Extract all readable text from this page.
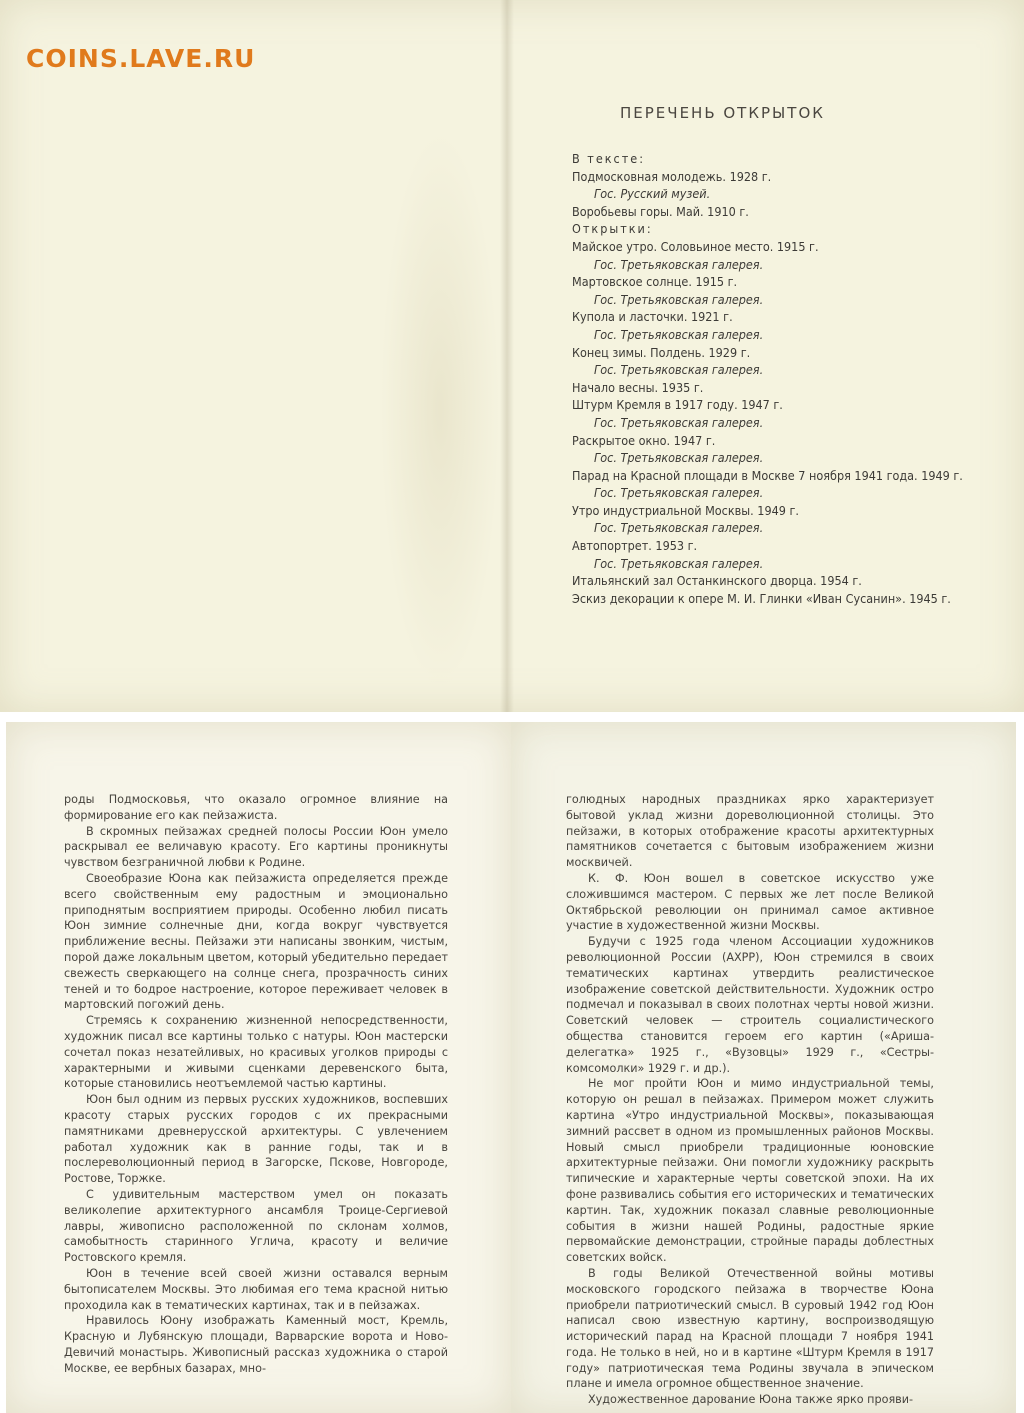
COINS.LAVE.RU
ПЕРЕЧЕНЬ ОТКРЫТОК
В тексте:
Подмосковная молодежь. 1928 г.
Гос. Русский музей.
Воробьевы горы. Май. 1910 г.
Открытки:
Майское утро. Соловьиное место. 1915 г.
Гос. Третьяковская галерея.
Мартовское солнце. 1915 г.
Гос. Третьяковская галерея.
Купола и ласточки. 1921 г.
Гос. Третьяковская галерея.
Конец зимы. Полдень. 1929 г.
Гос. Третьяковская галерея.
Начало весны. 1935 г.
Штурм Кремля в 1917 году. 1947 г.
Гос. Третьяковская галерея.
Раскрытое окно. 1947 г.
Гос. Третьяковская галерея.
Парад на Красной площади в Москве 7 ноября 1941 года. 1949 г.
Гос. Третьяковская галерея.
Утро индустриальной Москвы. 1949 г.
Гос. Третьяковская галерея.
Автопортрет. 1953 г.
Гос. Третьяковская галерея.
Итальянский зал Останкинского дворца. 1954 г.
Эскиз декорации к опере М. И. Глинки «Иван Сусанин». 1945 г.

роды Подмосковья, что оказало огромное влияние на формирование его как пейзажиста.

В скромных пейзажах средней полосы России Юон умело раскрывал ее величавую красоту. Его картины проникнуты чувством безграничной любви к Родине.

Своеобразие Юона как пейзажиста определяется прежде всего свойственным ему радостным и эмоционально приподнятым восприятием природы. Особенно любил писать Юон зимние солнечные дни, когда вокруг чувствуется приближение весны. Пейзажи эти написаны звонким, чистым, порой даже локальным цветом, который убедительно передает свежесть сверкающего на солнце снега, прозрачность синих теней и то бодрое настроение, которое переживает человек в мартовский погожий день.

Стремясь к сохранению жизненной непосредственности, художник писал все картины только с натуры. Юон мастерски сочетал показ незатейливых, но красивых уголков природы с характерными и живыми сценками деревенского быта, которые становились неотъемлемой частью картины.

Юон был одним из первых русских художников, воспевших красоту старых русских городов с их прекрасными памятниками древнерусской архитектуры. С увлечением работал художник как в ранние годы, так и в послереволюционный период в Загорске, Пскове, Новгороде, Ростове, Торжке.

С удивительным мастерством умел он показать великолепие архитектурного ансамбля Троице-Сергиевой лавры, живописно расположенной по склонам холмов, самобытность старинного Углича, красоту и величие Ростовского кремля.

Юон в течение всей своей жизни оставался верным бытописателем Москвы. Это любимая его тема красной нитью проходила как в тематических картинах, так и в пейзажах.

Нравилось Юону изображать Каменный мост, Кремль, Красную и Лубянскую площади, Варварские ворота и Ново-Девичий монастырь. Живописный рассказ художника о старой Москве, ее вербных базарах, мно-

голюдных народных праздниках ярко характеризует бытовой уклад жизни дореволюционной столицы. Это пейзажи, в которых отображение красоты архитектурных памятников сочетается с бытовым изображением жизни москвичей.

К. Ф. Юон вошел в советское искусство уже сложившимся мастером. С первых же лет после Великой Октябрьской революции он принимал самое активное участие в художественной жизни Москвы.

Будучи с 1925 года членом Ассоциации художников революционной России (АХРР), Юон стремился в своих тематических картинах утвердить реалистическое изображение советской действительности. Художник остро подмечал и показывал в своих полотнах черты новой жизни. Советский человек — строитель социалистического общества становится героем его картин («Аришa-делегатка» 1925 г., «Вузовцы» 1929 г., «Сестры-комсомолки» 1929 г. и др.).

Не мог пройти Юон и мимо индустриальной темы, которую он решал в пейзажах. Примером может служить картина «Утро индустриальной Москвы», показывающая зимний рассвет в одном из промышленных районов Москвы. Новый смысл приобрели традиционные юоновские архитектурные пейзажи. Они помогли художнику раскрыть типические и характерные черты советской эпохи. На их фоне развивались события его исторических и тематических картин. Так, художник показал славные революционные события в жизни нашей Родины, радостные яркие первомайские демонстрации, стройные парады доблестных советских войск.

В годы Великой Отечественной войны мотивы московского городского пейзажа в творчестве Юона приобрели патриотический смысл. В суровый 1942 год Юон написал свою известную картину, воспроизводящую исторический парад на Красной площади 7 ноября 1941 года. Не только в ней, но и в картине «Штурм Кремля в 1917 году» патриотическая тема Родины звучала в эпическом плане и имела огромное общественное значение.

Художественное дарование Юона также ярко прояви-
